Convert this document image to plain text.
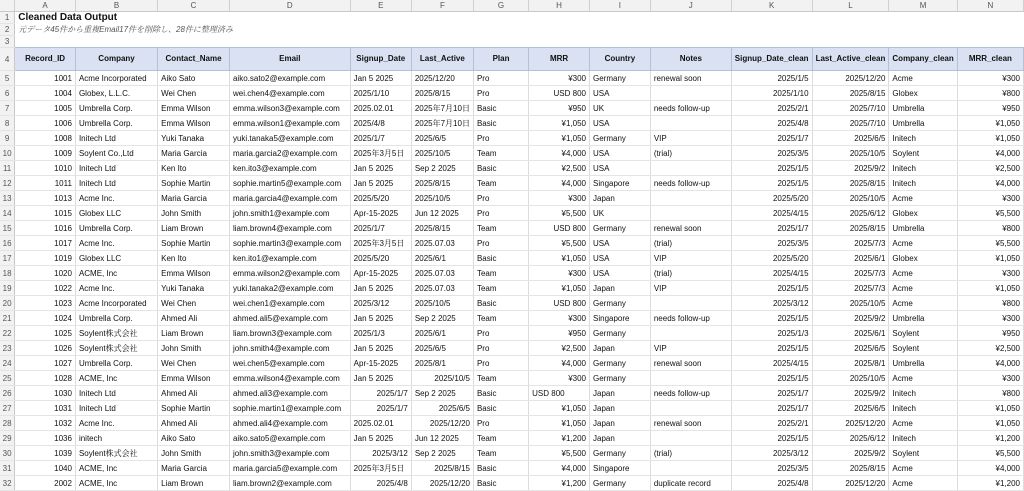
	A	B	C	D	E	F	G	H	I	J	K	L	M	N
1	Cleaned Data Output													
2	元データ45件から重複Email17件を削除し、28件に整理済み													
3														
4	Record_ID	Company	Contact_Name	Email	Signup_Date	Last_Active	Plan	MRR	Country	Notes	Signup_Date_clean	Last_Active_clean	Company_clean	MRR_clean
5	1001	Acme Incorporated	Aiko Sato	aiko.sato2@example.com	Jan 5 2025	2025/12/20	Pro	¥300	Germany	renewal soon	2025/1/5	2025/12/20	Acme	¥300
6	1004	Globex, L.L.C.	Wei Chen	wei.chen4@example.com	2025/1/10	2025/8/15	Pro	USD 800	USA		2025/1/10	2025/8/15	Globex	¥800
7	1005	Umbrella Corp.	Emma Wilson	emma.wilson3@example.com	2025.02.01	2025年7月10日	Basic	¥950	UK	needs follow-up	2025/2/1	2025/7/10	Umbrella	¥950
8	1006	Umbrella Corp.	Emma Wilson	emma.wilson1@example.com	2025/4/8	2025年7月10日	Basic	¥1,050	USA		2025/4/8	2025/7/10	Umbrella	¥1,050
9	1008	Initech Ltd	Yuki Tanaka	yuki.tanaka5@example.com	2025/1/7	2025/6/5	Pro	¥1,050	Germany	VIP	2025/1/7	2025/6/5	Initech	¥1,050
10	1009	Soylent Co.,Ltd	Maria Garcia	maria.garcia2@example.com	2025年3月5日	2025/10/5	Team	¥4,000	USA	(trial)	2025/3/5	2025/10/5	Soylent	¥4,000
11	1010	Initech Ltd	Ken Ito	ken.ito3@example.com	Jan 5 2025	Sep 2 2025	Basic	¥2,500	USA		2025/1/5	2025/9/2	Initech	¥2,500
12	1011	Initech Ltd	Sophie Martin	sophie.martin5@example.com	Jan 5 2025	2025/8/15	Team	¥4,000	Singapore	needs follow-up	2025/1/5	2025/8/15	Initech	¥4,000
13	1013	Acme Inc.	Maria Garcia	maria.garcia4@example.com	2025/5/20	2025/10/5	Pro	¥300	Japan		2025/5/20	2025/10/5	Acme	¥300
14	1015	Globex LLC	John Smith	john.smith1@example.com	Apr-15-2025	Jun 12 2025	Pro	¥5,500	UK		2025/4/15	2025/6/12	Globex	¥5,500
15	1016	Umbrella Corp.	Liam Brown	liam.brown4@example.com	2025/1/7	2025/8/15	Team	USD 800	Germany	renewal soon	2025/1/7	2025/8/15	Umbrella	¥800
16	1017	Acme Inc.	Sophie Martin	sophie.martin3@example.com	2025年3月5日	2025.07.03	Pro	¥5,500	USA	(trial)	2025/3/5	2025/7/3	Acme	¥5,500
17	1019	Globex LLC	Ken Ito	ken.ito1@example.com	2025/5/20	2025/6/1	Basic	¥1,050	USA	VIP	2025/5/20	2025/6/1	Globex	¥1,050
18	1020	ACME, Inc	Emma Wilson	emma.wilson2@example.com	Apr-15-2025	2025.07.03	Team	¥300	USA	(trial)	2025/4/15	2025/7/3	Acme	¥300
19	1022	Acme Inc.	Yuki Tanaka	yuki.tanaka2@example.com	Jan 5 2025	2025.07.03	Team	¥1,050	Japan	VIP	2025/1/5	2025/7/3	Acme	¥1,050
20	1023	Acme Incorporated	Wei Chen	wei.chen1@example.com	2025/3/12	2025/10/5	Basic	USD 800	Germany		2025/3/12	2025/10/5	Acme	¥800
21	1024	Umbrella Corp.	Ahmed Ali	ahmed.ali5@example.com	Jan 5 2025	Sep 2 2025	Team	¥300	Singapore	needs follow-up	2025/1/5	2025/9/2	Umbrella	¥300
22	1025	Soylent株式会社	Liam Brown	liam.brown3@example.com	2025/1/3	2025/6/1	Pro	¥950	Germany		2025/1/3	2025/6/1	Soylent	¥950
23	1026	Soylent株式会社	John Smith	john.smith4@example.com	Jan 5 2025	2025/6/5	Pro	¥2,500	Japan	VIP	2025/1/5	2025/6/5	Soylent	¥2,500
24	1027	Umbrella Corp.	Wei Chen	wei.chen5@example.com	Apr-15-2025	2025/8/1	Pro	¥4,000	Germany	renewal soon	2025/4/15	2025/8/1	Umbrella	¥4,000
25	1028	ACME, Inc	Emma Wilson	emma.wilson4@example.com	Jan 5 2025	2025/10/5	Team	¥300	Germany		2025/1/5	2025/10/5	Acme	¥300
26	1030	Initech Ltd	Ahmed Ali	ahmed.ali3@example.com	2025/1/7	Sep 2 2025	Basic	USD 800	Japan	needs follow-up	2025/1/7	2025/9/2	Initech	¥800
27	1031	Initech Ltd	Sophie Martin	sophie.martin1@example.com	2025/1/7	2025/6/5	Basic	¥1,050	Japan		2025/1/7	2025/6/5	Initech	¥1,050
28	1032	Acme Inc.	Ahmed Ali	ahmed.ali4@example.com	2025.02.01	2025/12/20	Pro	¥1,050	Japan	renewal soon	2025/2/1	2025/12/20	Acme	¥1,050
29	1036	initech	Aiko Sato	aiko.sato5@example.com	Jan 5 2025	Jun 12 2025	Team	¥1,200	Japan		2025/1/5	2025/6/12	Initech	¥1,200
30	1039	Soylent株式会社	John Smith	john.smith3@example.com	2025/3/12	Sep 2 2025	Team	¥5,500	Germany	(trial)	2025/3/12	2025/9/2	Soylent	¥5,500
31	1040	ACME, Inc	Maria Garcia	maria.garcia5@example.com	2025年3月5日	2025/8/15	Basic	¥4,000	Singapore		2025/3/5	2025/8/15	Acme	¥4,000
32	2002	ACME, Inc	Liam Brown	liam.brown2@example.com	2025/4/8	2025/12/20	Basic	¥1,200	Germany	duplicate record	2025/4/8	2025/12/20	Acme	¥1,200
